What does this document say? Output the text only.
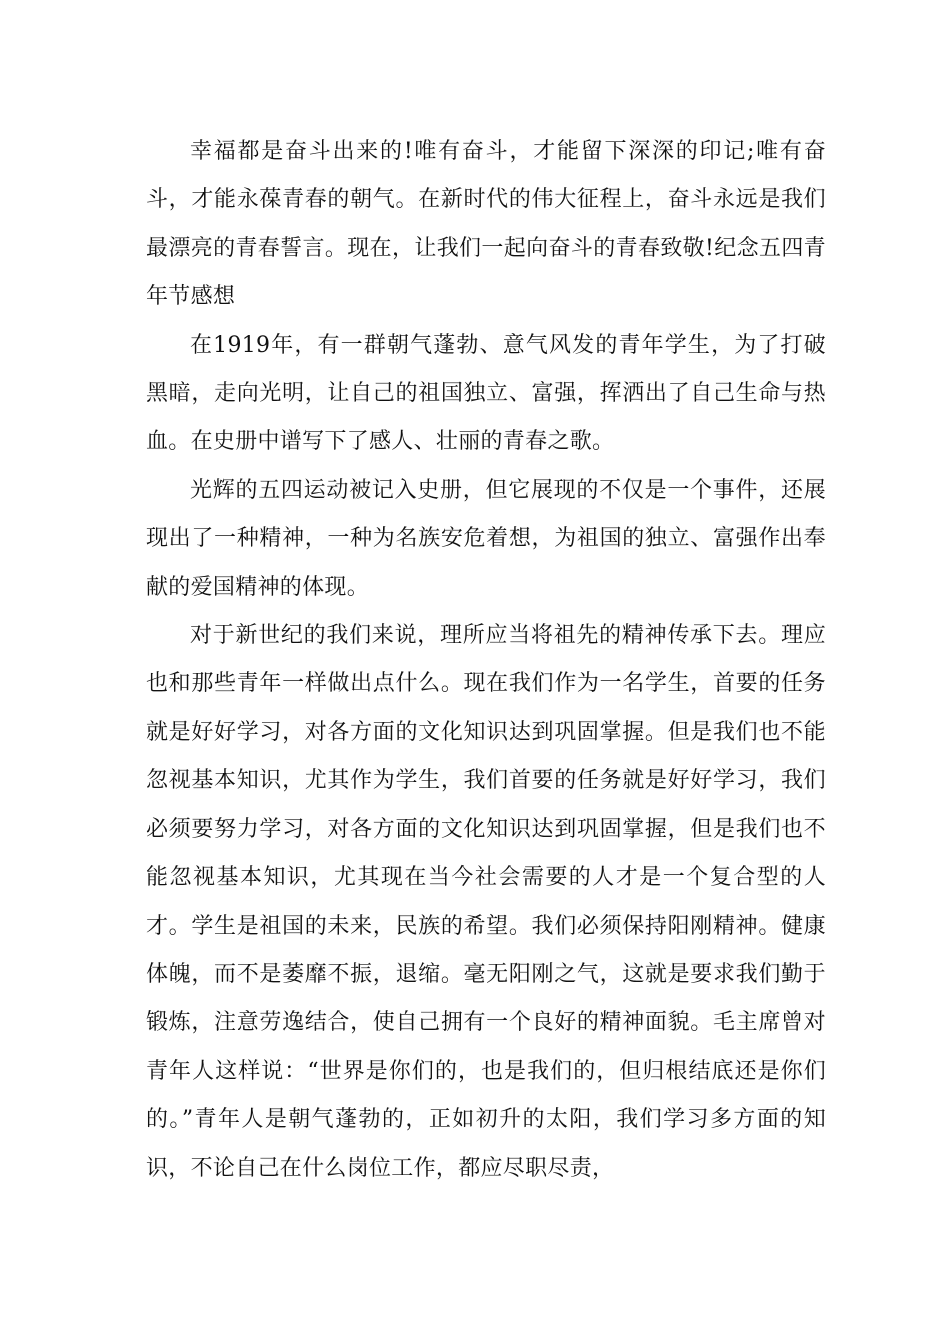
幸福都是奋斗出来的!唯有奋斗，才能留下深深的印记;唯有奋斗，才能永葆青春的朝气。在新时代的伟大征程上，奋斗永远是我们最漂亮的青春誓言。现在，让我们一起向奋斗的青春致敬!纪念五四青年节感想

在1919年，有一群朝气蓬勃、意气风发的青年学生，为了打破黑暗，走向光明，让自己的祖国独立、富强，挥洒出了自己生命与热血。在史册中谱写下了感人、壮丽的青春之歌。

光辉的五四运动被记入史册，但它展现的不仅是一个事件，还展现出了一种精神，一种为名族安危着想，为祖国的独立、富强作出奉献的爱国精神的体现。

对于新世纪的我们来说，理所应当将祖先的精神传承下去。理应也和那些青年一样做出点什么。现在我们作为一名学生，首要的任务就是好好学习，对各方面的文化知识达到巩固掌握。但是我们也不能忽视基本知识，尤其作为学生，我们首要的任务就是好好学习，我们必须要努力学习，对各方面的文化知识达到巩固掌握，但是我们也不能忽视基本知识，尤其现在当今社会需要的人才是一个复合型的人才。学生是祖国的未来，民族的希望。我们必须保持阳刚精神。健康体魄，而不是萎靡不振，退缩。毫无阳刚之气，这就是要求我们勤于锻炼，注意劳逸结合，使自己拥有一个良好的精神面貌。毛主席曾对青年人这样说：“世界是你们的，也是我们的，但归根结底还是你们的。”青年人是朝气蓬勃的，正如初升的太阳，我们学习多方面的知识，不论自己在什么岗位工作，都应尽职尽责，
